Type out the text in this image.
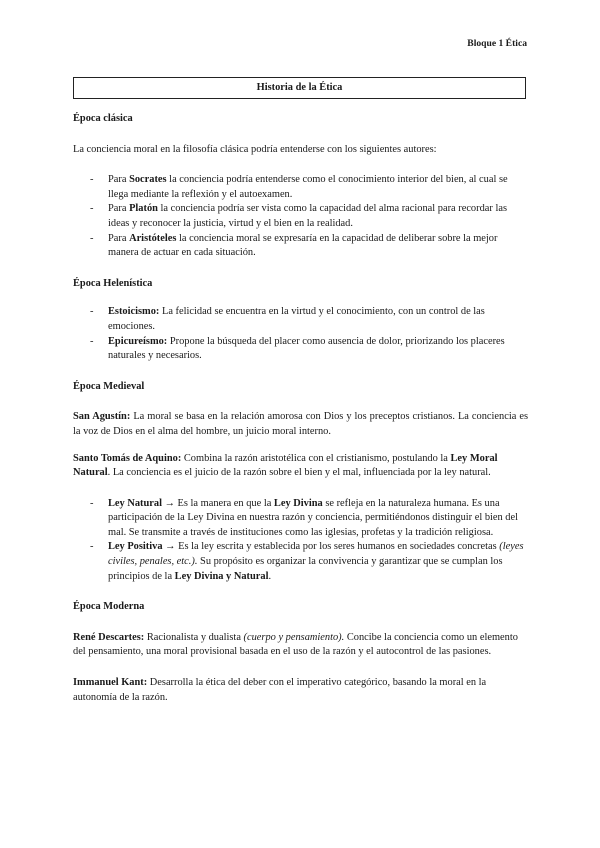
Bloque 1 Ética
Historia de la Ética
Época clásica

La conciencia moral en la filosofía clásica podría entenderse con los siguientes autores:

- Para Socrates la conciencia podría entenderse como el conocimiento interior del bien, al cual se llega mediante la reflexión y el autoexamen.
- Para Platón la conciencia podría ser vista como la capacidad del alma racional para recordar las ideas y reconocer la justicia, virtud y el bien en la realidad.
- Para Aristóteles la conciencia moral se expresaría en la capacidad de deliberar sobre la mejor manera de actuar en cada situación.
Época Helenística
- Estoicismo: La felicidad se encuentra en la virtud y el conocimiento, con un control de las emociones.
- Epicureísmo: Propone la búsqueda del placer como ausencia de dolor, priorizando los placeres naturales y necesarios.
Época Medieval

San Agustín: La moral se basa en la relación amorosa con Dios y los preceptos cristianos. La conciencia es la voz de Dios en el alma del hombre, un juicio moral interno.

Santo Tomás de Aquino: Combina la razón aristotélica con el cristianismo, postulando la Ley Moral Natural. La conciencia es el juicio de la razón sobre el bien y el mal, influenciada por la ley natural.

- Ley Natural → Es la manera en que la Ley Divina se refleja en la naturaleza humana. Es una participación de la Ley Divina en nuestra razón y conciencia, permitiéndonos distinguir el bien del mal. Se transmite a través de instituciones como las iglesias, profetas y la tradición religiosa.
- Ley Positiva → Es la ley escrita y establecida por los seres humanos en sociedades concretas (leyes civiles, penales, etc.). Su propósito es organizar la convivencia y garantizar que se cumplan los principios de la Ley Divina y Natural.
Época Moderna

René Descartes: Racionalista y dualista (cuerpo y pensamiento). Concibe la conciencia como un elemento del pensamiento, una moral provisional basada en el uso de la razón y el autocontrol de las pasiones.

Immanuel Kant: Desarrolla la ética del deber con el imperativo categórico, basando la moral en la autonomía de la razón.
